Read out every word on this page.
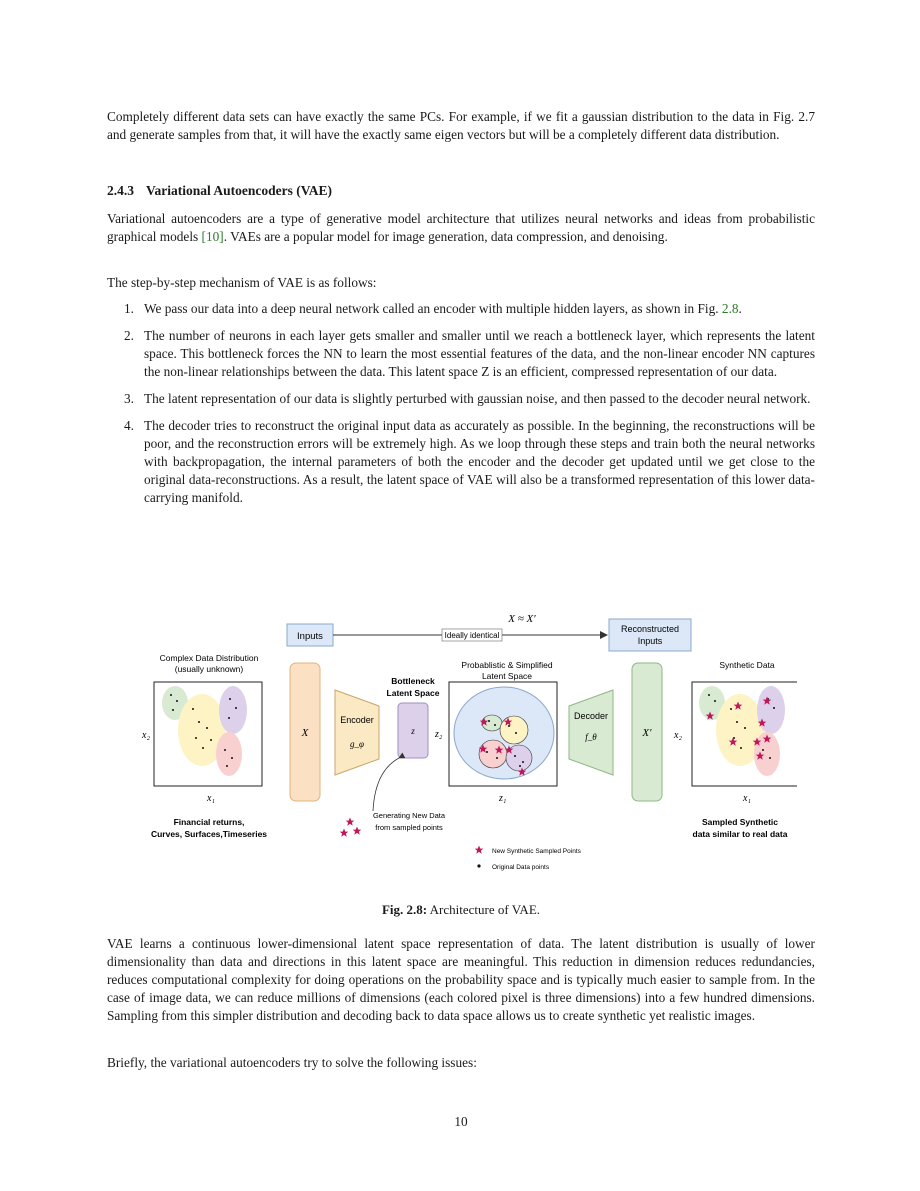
Completely different data sets can have exactly the same PCs. For example, if we fit a gaussian distribution to the data in Fig. 2.7 and generate samples from that, it will have the exactly same eigen vectors but will be a completely different data distribution.

2.4.3 Variational Autoencoders (VAE)

Variational autoencoders are a type of generative model architecture that utilizes neural networks and ideas from probabilistic graphical models [10]. VAEs are a popular model for image generation, data compression, and denoising.

The step-by-step mechanism of VAE is as follows:

1. We pass our data into a deep neural network called an encoder with multiple hidden layers, as shown in Fig. 2.8.
2. The number of neurons in each layer gets smaller and smaller until we reach a bottleneck layer, which represents the latent space. This bottleneck forces the NN to learn the most essential features of the data, and the non-linear encoder NN captures the non-linear relationships between the data. This latent space Z is an efficient, compressed representation of our data.
3. The latent representation of our data is slightly perturbed with gaussian noise, and then passed to the decoder neural network.
4. The decoder tries to reconstruct the original input data as accurately as possible. In the beginning, the reconstructions will be poor, and the reconstruction errors will be extremely high. As we loop through these steps and train both the neural networks with backpropagation, the internal parameters of both the encoder and the decoder get updated until we get close to the original data-reconstructions. As a result, the latent space of VAE will also be a transformed representation of this lower data-carrying manifold.
Inputs
X ≈ X′
Ideally identical
Reconstructed
Inputs
Complex Data Distribution
(usually unknown)
x₂
x₁
X
Encoder
g_φ
Bottleneck
Latent Space
z
Probablistic & Simplified
Latent Space
z₂
z₁
Decoder
f_θ	X′
Synthetic Data
x₂
x₁
Financial returns,
Curves, Surfaces,Timeseries
Generating New Data
from sampled points
Sampled Synthetic
data similar to real data
New Synthetic Sampled Points
Original Data points
Fig. 2.8: Architecture of VAE.

VAE learns a continuous lower-dimensional latent space representation of data. The latent distribution is usually of lower dimensionality than data and directions in this latent space are meaningful. This reduction in dimension reduces redundancies, reduces computational complexity for doing operations on the probability space and is typically much easier to sample from. In the case of image data, we can reduce millions of dimensions (each colored pixel is three dimensions) into a few hundred dimensions. Sampling from this simpler distribution and decoding back to data space allows us to create synthetic yet realistic images.

Briefly, the variational autoencoders try to solve the following issues:

10
